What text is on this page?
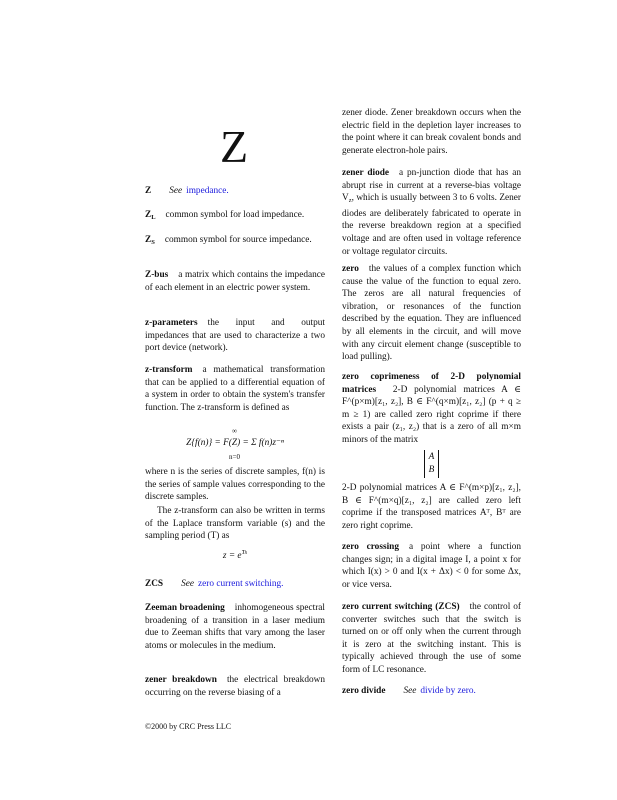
Z

Z See impedance.

$Z_L$ common symbol for load impedance.

$Z_S$ common symbol for source impedance.

Z-bus a matrix which contains the impedance of each element in an electric power system.

z-parameters the input and output impedances that are used to characterize a two port device (network).

z-transform a mathematical transformation that can be applied to a differential equation of a system in order to obtain the system's transfer function. The z-transform is defined as

∞
Z{f(n)} = F(Z) = Σ f(n)z⁻ⁿ
n=0

where n is the series of discrete samples, f(n) is the series of sample values corresponding to the discrete samples.

The z-transform can also be written in terms of the Laplace transform variable (s) and the sampling period (T) as

$z = e^{Ts}$

ZCS See zero current switching.

Zeeman broadening inhomogeneous spectral broadening of a transition in a laser medium due to Zeeman shifts that vary among the laser atoms or molecules in the medium.

zener breakdown the electrical breakdown occurring on the reverse biasing of a

zener diode. Zener breakdown occurs when the electric field in the depletion layer increases to the point where it can break covalent bonds and generate electron-hole pairs.

zener diode a pn-junction diode that has an abrupt rise in current at a reverse-bias voltage $V_z$, which is usually between 3 to 6 volts. Zener diodes are deliberately fabricated to operate in the reverse breakdown region at a specified voltage and are often used in voltage reference or voltage regulator circuits.

zero the values of a complex function which cause the value of the function to equal zero. The zeros are all natural frequencies of vibration, or resonances of the function described by the equation. They are influenced by all elements in the circuit, and will move with any circuit element change (susceptible to load pulling).

zero coprimeness of 2-D polynomial matrices 2-D polynomial matrices A ∈ F^(p×m)[z₁, z₂], B ∈ F^(q×m)[z₁, z₂] (p + q ≥ m ≥ 1) are called zero right coprime if there exists a pair (z₁, z₂) that is a zero of all m×m minors of the matrix

A
B

2-D polynomial matrices A ∈ F^(m×p)[z₁, z₂], B ∈ F^(m×q)[z₁, z₂] are called zero left coprime if the transposed matrices Aᵀ, Bᵀ are zero right coprime.

zero crossing a point where a function changes sign; in a digital image I, a point x for which I(x) > 0 and I(x + Δx) < 0 for some Δx, or vice versa.

zero current switching (ZCS) the control of converter switches such that the switch is turned on or off only when the current through it is zero at the switching instant. This is typically achieved through the use of some form of LC resonance.

zero divide See divide by zero.

©2000 by CRC Press LLC
